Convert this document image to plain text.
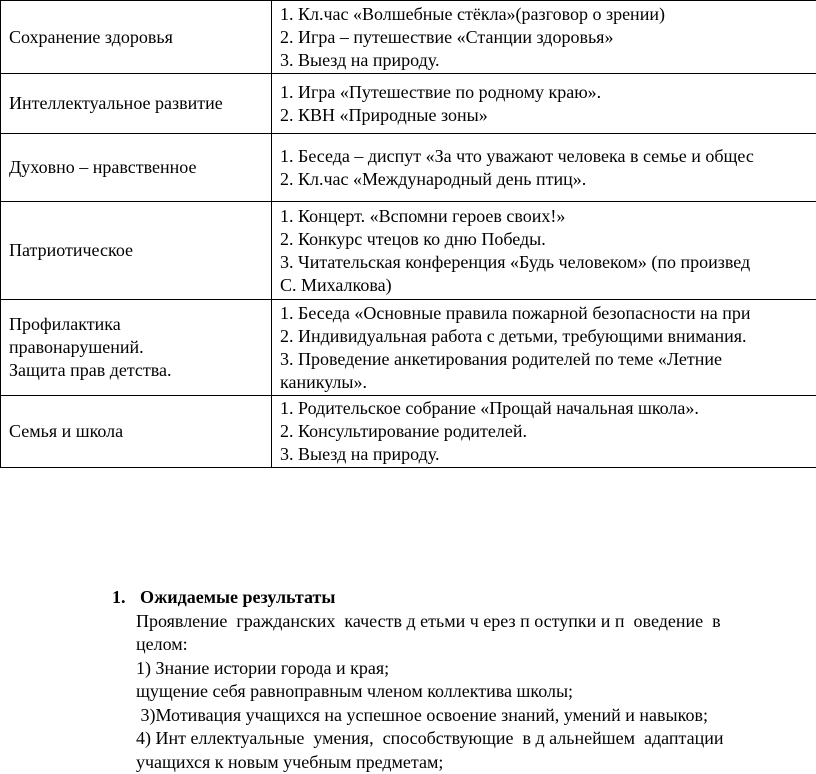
Сохранение здоровья	1. Кл.час «Волшебные стёкла»(разговор о зрении)
2. Игра – путешествие «Станции здоровья»
3. Выезд на природу.

Интеллектуальное развитие	1. Игра «Путешествие по родному краю».
2. КВН «Природные зоны»

Духовно – нравственное	1. Беседа – диспут «За что уважают человека в семье и общес
2. Кл.час «Международный день птиц».

Патриотическое	1. Концерт. «Вспомни героев своих!»
2. Конкурс чтецов ко дню Победы.
3. Читательская конференция «Будь человеком» (по произвед
С. Михалкова)

Профилактика
правонарушений.
Защита прав детства.	1. Беседа «Основные правила пожарной безопасности на при
2. Индивидуальная работа с детьми, требующими внимания.
3. Проведение анкетирования родителей по теме «Летние
каникулы».

Семья и школа	1. Родительское собрание «Прощай начальная школа».
2. Консультирование родителей.
3. Выезд на природу.
1. Ожидаемые результаты
Проявление  гражданских  качеств д етьми ч ерез п оступки и п  оведение  в
целом:
1) Знание истории города и края;
щущение себя равноправным членом коллектива школы;
3)Мотивация учащихся на успешное освоение знаний, умений и навыков;
4) Инт еллектуальные  умения,  способствующие  в д альнейшем  адаптации
учащихся к новым учебным предметам;
